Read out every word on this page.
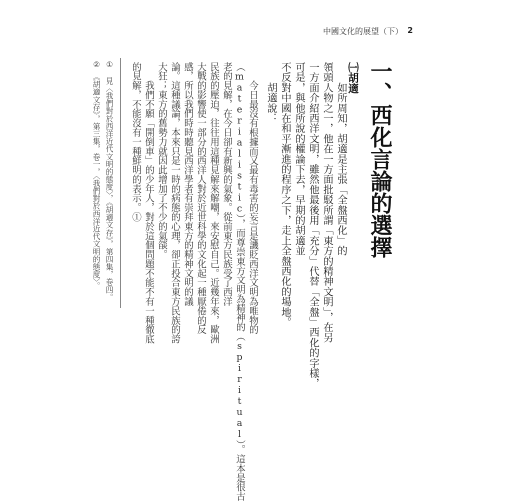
中國文化的展望（下） 2
一、西化言論的選擇
㈠胡適
　　如所周知，胡適是主張「全盤西化」的
領頭人物之一，他在一方面批駁所謂「東方的精神文明」，在另
一方面介紹西洋文明，雖然他最後用「充分」代替「全盤」西化的字樣，
可是，與他所說的權論下去，早期的胡適並
不反對中國在和平漸進的程序之下，走上全盤西化的場地。
　　胡適說：
　　今日最沒有根據而又最有毒害的妄言是譏貶西洋文明為唯物的
（materialistic），而尊崇東方文明為精神的（spiritual）。這本是很古
老的見解，在今日卻有新興的氣象。從前東方民族受了西洋
民族的壓迫，往往用這種見解來解嘲，來安慰自己。近幾年來，歐洲
大戰的影響使一部分的西洋人對於近世科學的文化起一種厭倦的反
感，所以我們時時聽見西洋學者有崇拜東方的精神文明的議
論。這種議論，本來只是一時的病態的心理，卻正投合東方民族的誇
大狂；東方的舊勢力就因此增加了不少的氣燄。
　　我們不願「開倒車」的少年人，對於這個問題不能不有一種徹底
的見解，不能沒有一種鮮明的表示。①
①　見〈我們對於西洋近代文明的態度〉，《胡適文存》，第四集，卷四。
②　《胡適文存》，第三集，卷一，〈我們對於西洋近代文明的態度〉。
